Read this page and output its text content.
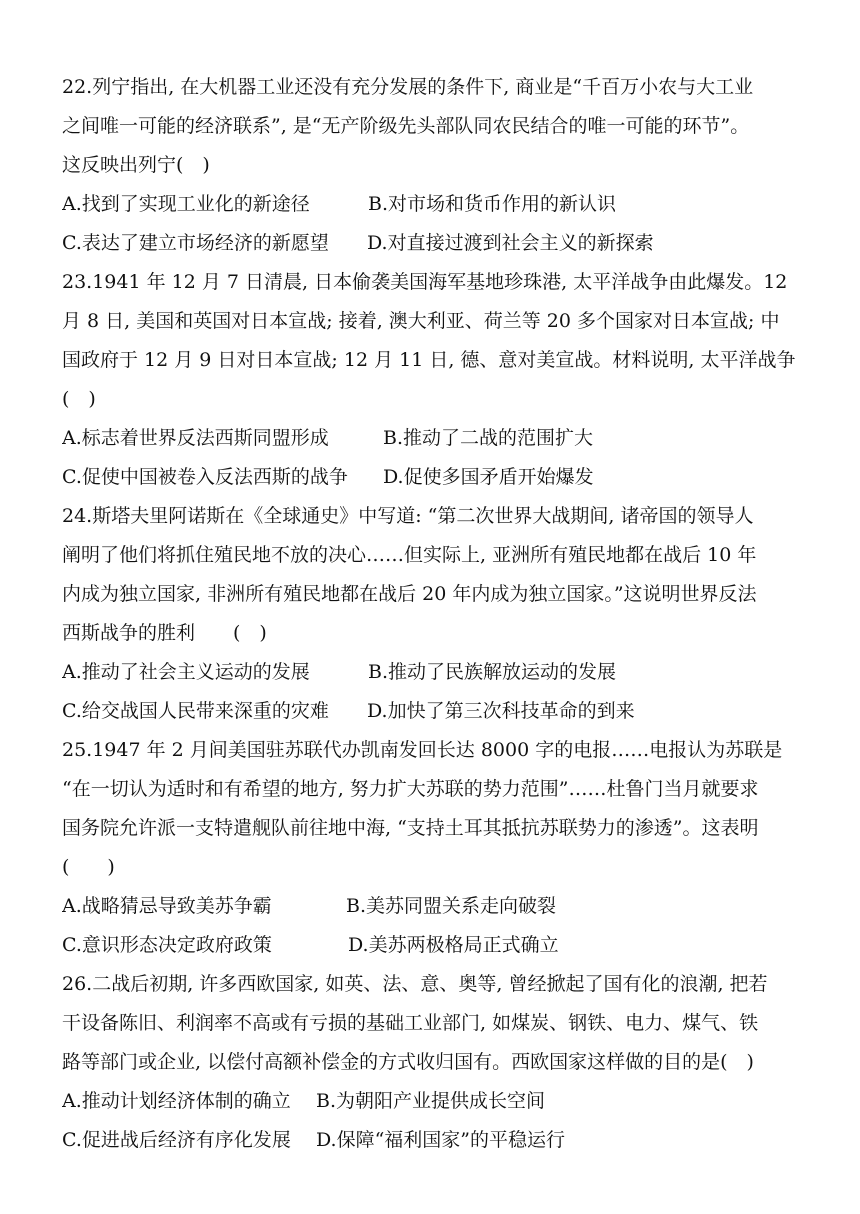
22.列宁指出, 在大机器工业还没有充分发展的条件下, 商业是“千百万小农与大工业
之间唯一可能的经济联系”, 是“无产阶级先头部队同农民结合的唯一可能的环节”。
这反映出列宁(　)
A.找到了实现工业化的新途径	B.对市场和货币作用的新认识
C.表达了建立市场经济的新愿望	D.对直接过渡到社会主义的新探索
23.1941 年 12 月 7 日清晨, 日本偷袭美国海军基地珍珠港, 太平洋战争由此爆发。12
月 8 日, 美国和英国对日本宣战; 接着, 澳大利亚、荷兰等 20 多个国家对日本宣战; 中
国政府于 12 月 9 日对日本宣战; 12 月 11 日, 德、意对美宣战。材料说明, 太平洋战争
(　)
A.标志着世界反法西斯同盟形成	B.推动了二战的范围扩大
C.促使中国被卷入反法西斯的战争	D.促使多国矛盾开始爆发
24.斯塔夫里阿诺斯在《全球通史》中写道: “第二次世界大战期间, 诸帝国的领导人
阐明了他们将抓住殖民地不放的决心……但实际上, 亚洲所有殖民地都在战后 10 年
内成为独立国家, 非洲所有殖民地都在战后 20 年内成为独立国家。”这说明世界反法
西斯战争的胜利　　(　)
A.推动了社会主义运动的发展	B.推动了民族解放运动的发展
C.给交战国人民带来深重的灾难	D.加快了第三次科技革命的到来
25.1947 年 2 月间美国驻苏联代办凯南发回长达 8000 字的电报……电报认为苏联是
“在一切认为适时和有希望的地方, 努力扩大苏联的势力范围”……杜鲁门当月就要求
国务院允许派一支特遣舰队前往地中海, “支持土耳其抵抗苏联势力的渗透”。这表明
(　　)
A.战略猜忌导致美苏争霸	B.美苏同盟关系走向破裂
C.意识形态决定政府政策	D.美苏两极格局正式确立
26.二战后初期, 许多西欧国家, 如英、法、意、奥等, 曾经掀起了国有化的浪潮, 把若
干设备陈旧、利润率不高或有亏损的基础工业部门, 如煤炭、钢铁、电力、煤气、铁
路等部门或企业, 以偿付高额补偿金的方式收归国有。西欧国家这样做的目的是(　)
A.推动计划经济体制的确立	B.为朝阳产业提供成长空间
C.促进战后经济有序化发展	D.保障“福利国家”的平稳运行
